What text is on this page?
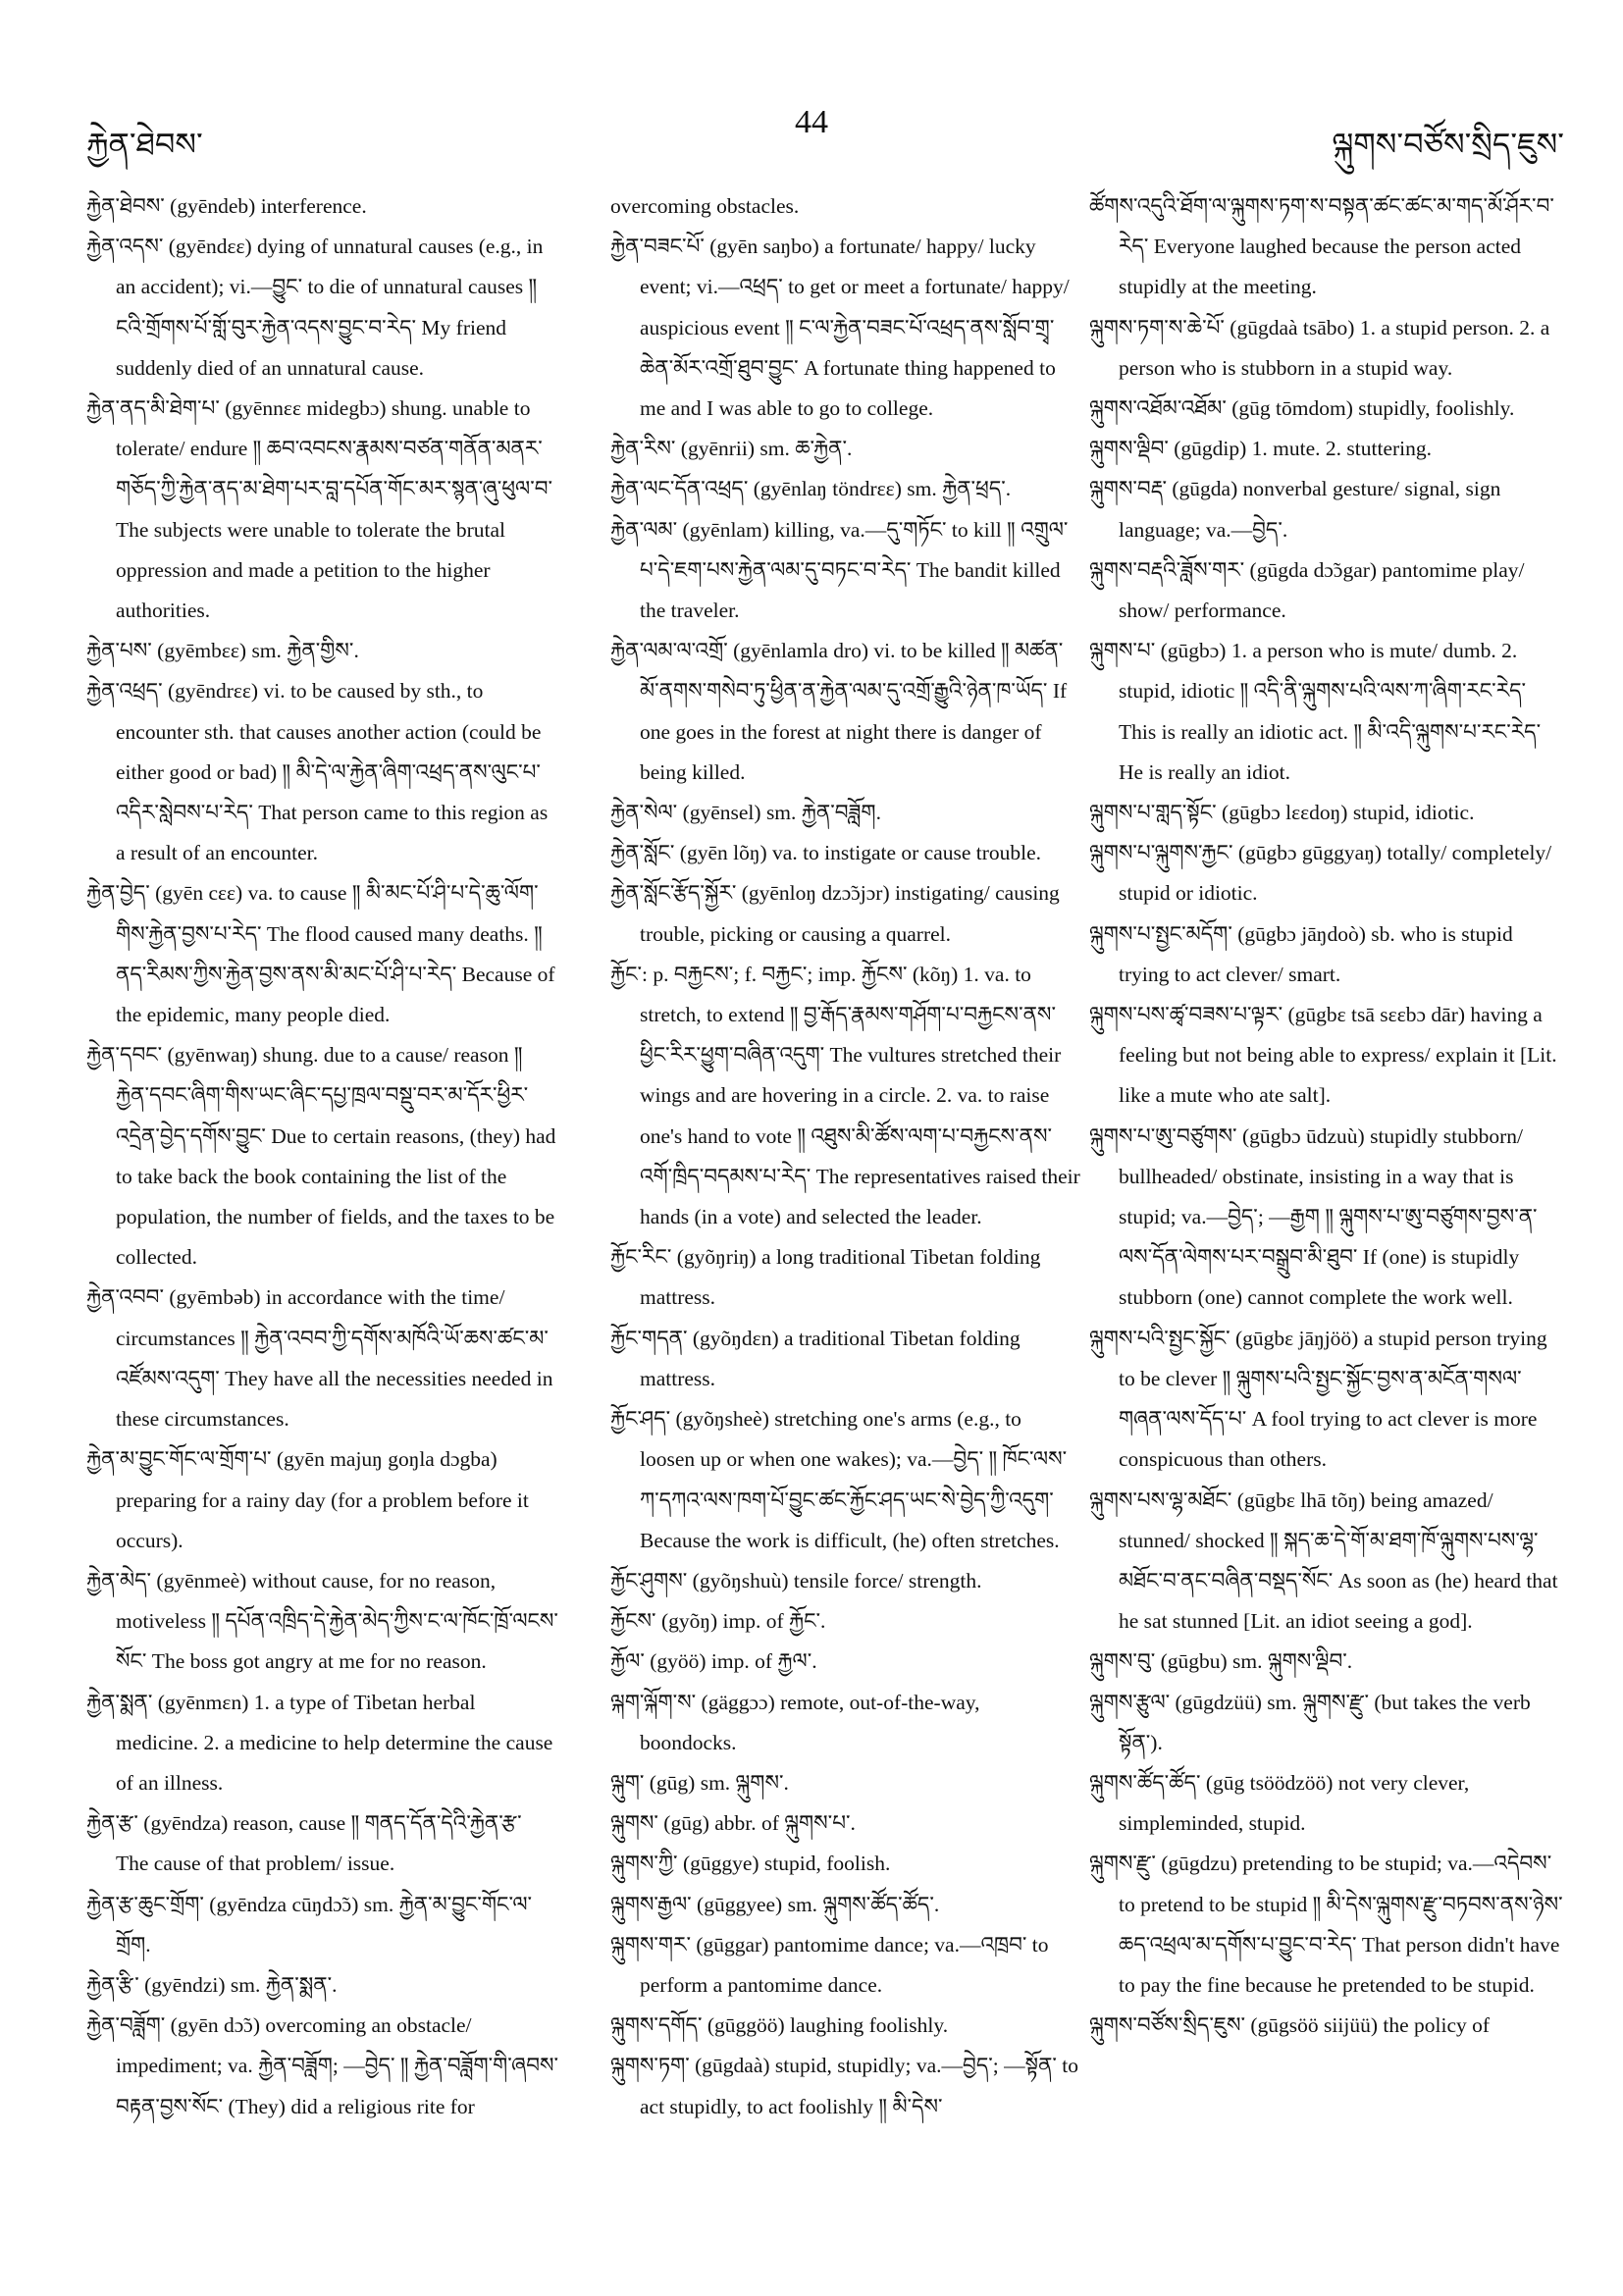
རྐྱེན་ཐེབས་
44
ལྐུགས་བཙོས་སྲིད་ཇུས་

རྐྱེན་ཐེབས་ (gyēndeb) interference.

རྐྱེན་འདས་ (gyēndεε) dying of unnatural causes (e.g., in an accident); vi.—བྱུང་ to die of unnatural causes ༎ ངའི་གྲོགས་པོ་གློ་བུར་རྐྱེན་འདས་བྱུང་བ་རེད་ My friend suddenly died of an unnatural cause.

རྐྱེན་ནད་མི་ཐེག་པ་ (gyēnnεε midegbɔ) shung. unable to tolerate/ endure ༎ ཆབ་འབངས་རྣམས་བཙན་གནོན་མནར་གཅོད་ཀྱི་རྐྱེན་ནད་མ་ཐེག་པར་བླ་དཔོན་གོང་མར་སྙན་ཞུ་ཕུལ་བ་ The subjects were unable to tolerate the brutal oppression and made a petition to the higher authorities.

རྐྱེན་པས་ (gyēmbεε) sm. རྐྱེན་གྱིས་.

རྐྱེན་འཕྲད་ (gyēndrεε) vi. to be caused by sth., to encounter sth. that causes another action (could be either good or bad) ༎ མི་དེ་ལ་རྐྱེན་ཞིག་འཕྲད་ནས་ལུང་པ་འདིར་སླེབས་པ་རེད་ That person came to this region as a result of an encounter.

རྐྱེན་བྱེད་ (gyēn cεε) va. to cause ༎ མི་མང་པོ་ཤི་པ་དེ་ཆུ་ལོག་གིས་རྐྱེན་བྱས་པ་རེད་ The flood caused many deaths. ༎ ནད་རིམས་ཀྱིས་རྐྱེན་བྱས་ནས་མི་མང་པོ་ཤི་པ་རེད་ Because of the epidemic, many people died.

རྐྱེན་དབང་ (gyēnwaŋ) shung. due to a cause/ reason ༎ རྐྱེན་དབང་ཞིག་གིས་ཡང་ཞིང་དཔྱ་ཁྲལ་བསྡུ་བར་མ་དོར་ཕྱིར་འདྲེན་བྱེད་དགོས་བྱུང་ Due to certain reasons, (they) had to take back the book containing the list of the population, the number of fields, and the taxes to be collected.

རྐྱེན་འབབ་ (gyēmbəb) in accordance with the time/ circumstances ༎ རྐྱེན་འབབ་ཀྱི་དགོས་མཁོའི་ཡོ་ཆས་ཚང་མ་འཛོམས་འདུག་ They have all the necessities needed in these circumstances.

རྐྱེན་མ་བྱུང་གོང་ལ་གྲོག་པ་ (gyēn majuŋ goŋla dɔgba) preparing for a rainy day (for a problem before it occurs).

རྐྱེན་མེད་ (gyēnmeè) without cause, for no reason, motiveless ༎ དཔོན་འཁྲིད་དེ་རྐྱེན་མེད་ཀྱིས་ང་ལ་ཁོང་ཁྲོ་ལངས་སོང་ The boss got angry at me for no reason.

རྐྱེན་སྨན་ (gyēnmεn) 1. a type of Tibetan herbal medicine. 2. a medicine to help determine the cause of an illness.

རྐྱེན་རྩ་ (gyēndza) reason, cause ༎ གནད་དོན་དེའི་རྐྱེན་རྩ་ The cause of that problem/ issue.

རྐྱེན་རྩ་ཆུང་གྲོག་ (gyēndza cūŋdɔ̃ɔ) sm. རྐྱེན་མ་བྱུང་གོང་ལ་གྲོག.

རྐྱེན་རྩི་ (gyēndzi) sm. རྐྱེན་སྨན་.

རྐྱེན་བཟློག་ (gyēn dɔ̃ɔ) overcoming an obstacle/ impediment; va. རྐྱེན་བཟློག; —བྱེད་ ༎ རྐྱེན་བཟློག་གི་ཞབས་བརྟན་བྱས་སོང་ (They) did a religious rite for

overcoming obstacles.

རྐྱེན་བཟང་པོ་ (gyēn saŋbo) a fortunate/ happy/ lucky event; vi.—འཕྲད་ to get or meet a fortunate/ happy/ auspicious event ༎ ང་ལ་རྐྱེན་བཟང་པོ་འཕྲད་ནས་སློབ་གྲྭ་ཆེན་མོར་འགྲོ་ཐུབ་བྱུང་ A fortunate thing happened to me and I was able to go to college.

རྐྱེན་རིས་ (gyēnrii) sm. ཆ་རྐྱེན་.

རྐྱེན་ལང་དོན་འཕྲད་ (gyēnlaŋ töndrεε) sm. རྐྱེན་ཕྲད་.

རྐྱེན་ལམ་ (gyēnlam) killing, va.—དུ་གཏོང་ to kill ༎ འགྲུལ་པ་དེ་ཇག་པས་རྐྱེན་ལམ་དུ་བཏང་བ་རེད་ The bandit killed the traveler.

རྐྱེན་ལམ་ལ་འགྲོ་ (gyēnlamla dro) vi. to be killed ༎ མཚན་མོ་ནགས་གསེབ་ཏུ་ཕྱིན་ན་རྐྱེན་ལམ་དུ་འགྲོ་རྒྱུའི་ཉེན་ཁ་ཡོད་ If one goes in the forest at night there is danger of being killed.

རྐྱེན་སེལ་ (gyēnsel) sm. རྐྱེན་བཟློག.

རྐྱེན་སློང་ (gyēn lõŋ) va. to instigate or cause trouble.

རྐྱེན་སློང་རྩོད་སྐྱོར་ (gyēnloŋ dzɔ̃ɔjɔr) instigating/ causing trouble, picking or causing a quarrel.

རྐྱོང་: p. བརྐྱངས་; f. བརྐྱང་; imp. རྐྱོངས་ (kõŋ) 1. va. to stretch, to extend ༎ བྱ་རྒོད་རྣམས་གཤོག་པ་བརྐྱངས་ནས་ཕྱིང་རིར་ཕྱུག་བཞིན་འདུག་ The vultures stretched their wings and are hovering in a circle. 2. va. to raise one's hand to vote ༎ འཐུས་མི་ཚོས་ལག་པ་བརྐྱངས་ནས་འགོ་ཁྲིད་བདམས་པ་རེད་ The representatives raised their hands (in a vote) and selected the leader.

རྐྱོང་རིང་ (gyõŋriŋ) a long traditional Tibetan folding mattress.

རྐྱོང་གདན་ (gyõŋdεn) a traditional Tibetan folding mattress.

རྐྱོང་ཤད་ (gyõŋsheè) stretching one's arms (e.g., to loosen up or when one wakes); va.—བྱེད་ ༎ ཁོང་ལས་ཀ་དཀའ་ལས་ཁག་པོ་བྱུང་ཚང་རྐྱོང་ཤད་ཡང་སེ་བྱེད་ཀྱི་འདུག་ Because the work is difficult, (he) often stretches.

རྐྱོང་ཤུགས་ (gyõŋshuù) tensile force/ strength.

རྐྱོངས་ (gyõŋ) imp. of རྐྱོང་.

རྐྱོལ་ (gyöö) imp. of རྐྱལ་.

ལྐག་ལྐོག་ས་ (gäggɔɔ) remote, out-of-the-way, boondocks.

ལྐུག་ (gūg) sm. ལྐུགས་.

ལྐུགས་ (gūg) abbr. of ལྐུགས་པ་.

ལྐུགས་ཀྱི་ (gūggye) stupid, foolish.

ལྐུགས་རྒྱལ་ (gūggyee) sm. ལྐུགས་ཚོད་ཚོད་.

ལྐུགས་གར་ (gūggar) pantomime dance; va.—འཁྲབ་ to perform a pantomime dance.

ལྐུགས་དགོད་ (gūggöö) laughing foolishly.

ལྐུགས་ཏག་ (gūgdaà) stupid, stupidly; va.—བྱེད་; —སྟོན་ to act stupidly, to act foolishly ༎ མི་དེས་

ཚོགས་འདུའི་ཐོག་ལ་ལྐུགས་ཏག་ས་བསྟན་ཚང་ཚང་མ་གད་མོ་ཤོར་བ་རེད་ Everyone laughed because the person acted stupidly at the meeting.

ལྐུགས་ཏག་ས་ཆེ་པོ་ (gūgdaà tsābo) 1. a stupid person. 2. a person who is stubborn in a stupid way.

ལྐུགས་འཐོམ་འཐོམ་ (gūg tōmdom) stupidly, foolishly.

ལྐུགས་ལྡིབ་ (gūgdip) 1. mute. 2. stuttering.

ལྐུགས་བརྡ་ (gūgda) nonverbal gesture/ signal, sign language; va.—བྱེད་.

ལྐུགས་བརྡའི་ཟློས་གར་ (gūgda dɔ̃ɔgar) pantomime play/ show/ performance.

ལྐུགས་པ་ (gūgbɔ) 1. a person who is mute/ dumb. 2. stupid, idiotic ༎ འདི་ནི་ལྐུགས་པའི་ལས་ཀ་ཞིག་རང་རེད་ This is really an idiotic act. ༎ མི་འདི་ལྐུགས་པ་རང་རེད་ He is really an idiot.

ལྐུགས་པ་གླད་སྟོང་ (gūgbɔ lεεdoŋ) stupid, idiotic.

ལྐུགས་པ་ལྐུགས་རྐྱང་ (gūgbɔ gūggyaŋ) totally/ completely/ stupid or idiotic.

ལྐུགས་པ་སྤྱང་མདོག་ (gūgbɔ jāŋdoò) sb. who is stupid trying to act clever/ smart.

ལྐུགས་པས་ཚྭ་བཟས་པ་ལྟར་ (gūgbε tsā sεεbɔ dār) having a feeling but not being able to express/ explain it [Lit. like a mute who ate salt].

ལྐུགས་པ་ཨུ་བཙུགས་ (gūgbɔ ūdzuù) stupidly stubborn/ bullheaded/ obstinate, insisting in a way that is stupid; va.—བྱེད་; —རྒྱག ༎ ལྐུགས་པ་ཨུ་བཙུགས་བྱས་ན་ལས་དོན་ལེགས་པར་བསྒྲུབ་མི་ཐུབ་ If (one) is stupidly stubborn (one) cannot complete the work well.

ལྐུགས་པའི་སྤྱང་སྐྱོང་ (gūgbε jāŋjöö) a stupid person trying to be clever ༎ ལྐུགས་པའི་སྤྱང་སྐྱོང་བྱས་ན་མངོན་གསལ་གཞན་ལས་དོད་པ་ A fool trying to act clever is more conspicuous than others.

ལྐུགས་པས་ལྷ་མཐོང་ (gūgbε lhā tõŋ) being amazed/ stunned/ shocked ༎ སྐད་ཆ་དེ་གོ་མ་ཐག་ཁོ་ལྐུགས་པས་ལྷ་མཐོང་བ་ནང་བཞིན་བསྡད་སོང་ As soon as (he) heard that he sat stunned [Lit. an idiot seeing a god].

ལྐུགས་བུ་ (gūgbu) sm. ལྐུགས་ལྡིབ་.

ལྐུགས་རྩུལ་ (gūgdzüü) sm. ལྐུགས་རྫུ་ (but takes the verb སྟོན་).

ལྐུགས་ཚོད་ཚོད་ (gūg tsöödzöö) not very clever, simpleminded, stupid.

ལྐུགས་རྫུ་ (gūgdzu) pretending to be stupid; va.—འདེབས་ to pretend to be stupid ༎ མི་དེས་ལྐུགས་རྫུ་བཏབས་ནས་ཉེས་ཆད་འཕྲལ་མ་དགོས་པ་བྱུང་བ་རེད་ That person didn't have to pay the fine because he pretended to be stupid.

ལྐུགས་བཙོས་སྲིད་ཇུས་ (gūgsöö siijüü) the policy of
